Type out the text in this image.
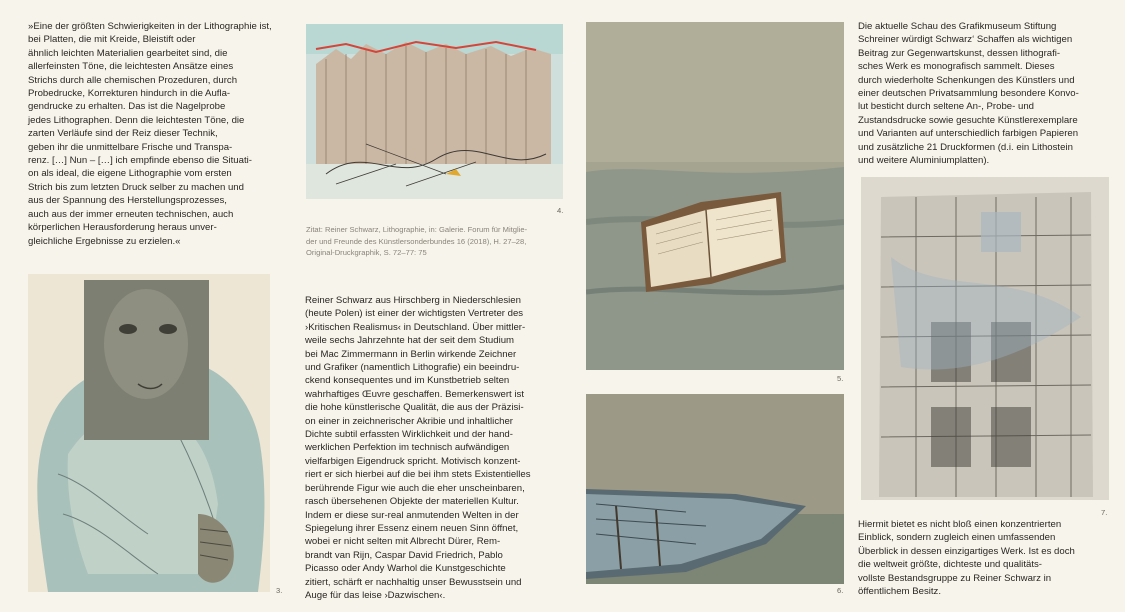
»Eine der größten Schwierigkeiten in der Lithographie ist, bei Platten, die mit Kreide, Bleistift oder
ähnlich leichten Materialien gearbeitet sind, die
allerfeinsten Töne, die leichtesten Ansätze eines
Strichs durch alle chemischen Prozeduren, durch
Probedrucke, Korrekturen hindurch in die Aufla-
gendrucke zu erhalten. Das ist die Nagelprobe
jedes Lithographen. Denn die leichtesten Töne, die
zarten Verläufe sind der Reiz dieser Technik,
geben ihr die unmittelbare Frische und Transpa-
renz. […] Nun – […] ich empfinde ebenso die Situati-
on als ideal, die eigene Lithographie vom ersten
Strich bis zum letzten Druck selber zu machen und
aus der Spannung des Herstellungsprozesses,
auch aus der immer erneuten technischen, auch
körperlichen Herausforderung heraus unver-
gleichliche Ergebnisse zu erzielen.«
3.
4.
Zitat: Reiner Schwarz, Lithographie, in: Galerie. Forum für Mitglie-
der und Freunde des Künstlersonderbundes 16 (2018), H. 27–28,
Original-Druckgraphik, S. 72–77: 75
Reiner Schwarz aus Hirschberg in Niederschlesien
(heute Polen) ist einer der wichtigsten Vertreter des
›Kritischen Realismus‹ in Deutschland. Über mittler-
weile sechs Jahrzehnte hat der seit dem Studium
bei Mac Zimmermann in Berlin wirkende Zeichner
und Grafiker (namentlich Lithografie) ein beeindru-
ckend konsequentes und im Kunstbetrieb selten
wahrhaftiges Œuvre geschaffen. Bemerkenswert ist
die hohe künstlerische Qualität, die aus der Präzisi-
on einer in zeichnerischer Akribie und inhaltlicher
Dichte subtil erfassten Wirklichkeit und der hand-
werklichen Perfektion im technisch aufwändigen
vielfarbigen Eigendruck spricht. Motivisch konzent-
riert er sich hierbei auf die bei ihm stets Existentielles
berührende Figur wie auch die eher unscheinbaren,
rasch übersehenen Objekte der materiellen Kultur.
Indem er diese sur-real anmutenden Welten in der
Spiegelung ihrer Essenz einem neuen Sinn öffnet,
wobei er nicht selten mit Albrecht Dürer, Rem-
brandt van Rijn, Caspar David Friedrich, Pablo
Picasso oder Andy Warhol die Kunstgeschichte
zitiert, schärft er nachhaltig unser Bewusstsein und
Auge für das leise ›Dazwischen‹.
5.
6.
Die aktuelle Schau des Grafikmuseum Stiftung
Schreiner würdigt Schwarz‘ Schaffen als wichtigen
Beitrag zur Gegenwartskunst, dessen lithografi-
sches Werk es monografisch sammelt. Dieses
durch wiederholte Schenkungen des Künstlers und
einer deutschen Privatsammlung besondere Konvo-
lut besticht durch seltene An-, Probe- und
Zustandsdrucke sowie gesuchte Künstlerexemplare
und Varianten auf unterschiedlich farbigen Papieren
und zusätzliche 21 Druckformen (d.i. ein Lithostein
und weitere Aluminiumplatten).
7.
Hiermit bietet es nicht bloß einen konzentrierten
Einblick, sondern zugleich einen umfassenden
Überblick in dessen einzigartiges Werk. Ist es doch
die weltweit größte, dichteste und qualitäts-
vollste Bestandsgruppe zu Reiner Schwarz in
öffentlichem Besitz.
